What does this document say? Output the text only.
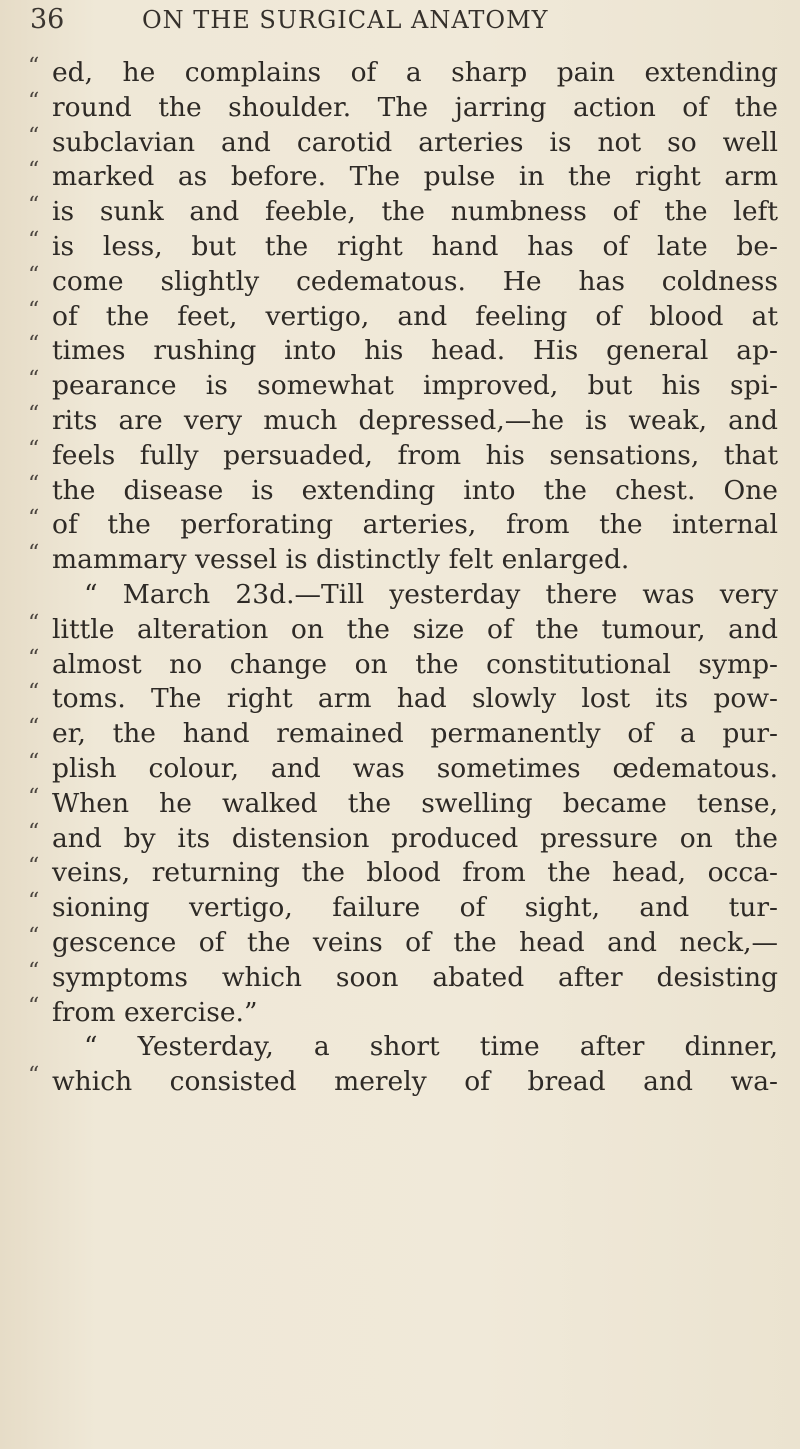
36	ON THE SURGICAL ANATOMY
“ ed, he complains of a sharp pain extending
“ round the shoulder. The jarring action of the
“ subclavian and carotid arteries is not so well
“ marked as before. The pulse in the right arm
“ is sunk and feeble, the numbness of the left
“ is less, but the right hand has of late be-
“ come slightly cedematous. He has coldness
“ of the feet, vertigo, and feeling of blood at
“ times rushing into his head. His general ap-
“ pearance is somewhat improved, but his spi-
“ rits are very much depressed,—he is weak, and
“ feels fully persuaded, from his sensations, that
“ the disease is extending into the chest. One
“ of the perforating arteries, from the internal
“ mammary vessel is distinctly felt enlarged.
“ March 23d.—Till yesterday there was very
“ little alteration on the size of the tumour, and
“ almost no change on the constitutional symp-
“ toms. The right arm had slowly lost its pow-
“ er, the hand remained permanently of a pur-
“ plish colour, and was sometimes œdematous.
“ When he walked the swelling became tense,
“ and by its distension produced pressure on the
“ veins, returning the blood from the head, occa-
“ sioning vertigo, failure of sight, and tur-
“ gescence of the veins of the head and neck,—
“ symptoms which soon abated after desisting
“ from exercise.”
“ Yesterday, a short time after dinner,
“ which consisted merely of bread and wa-
